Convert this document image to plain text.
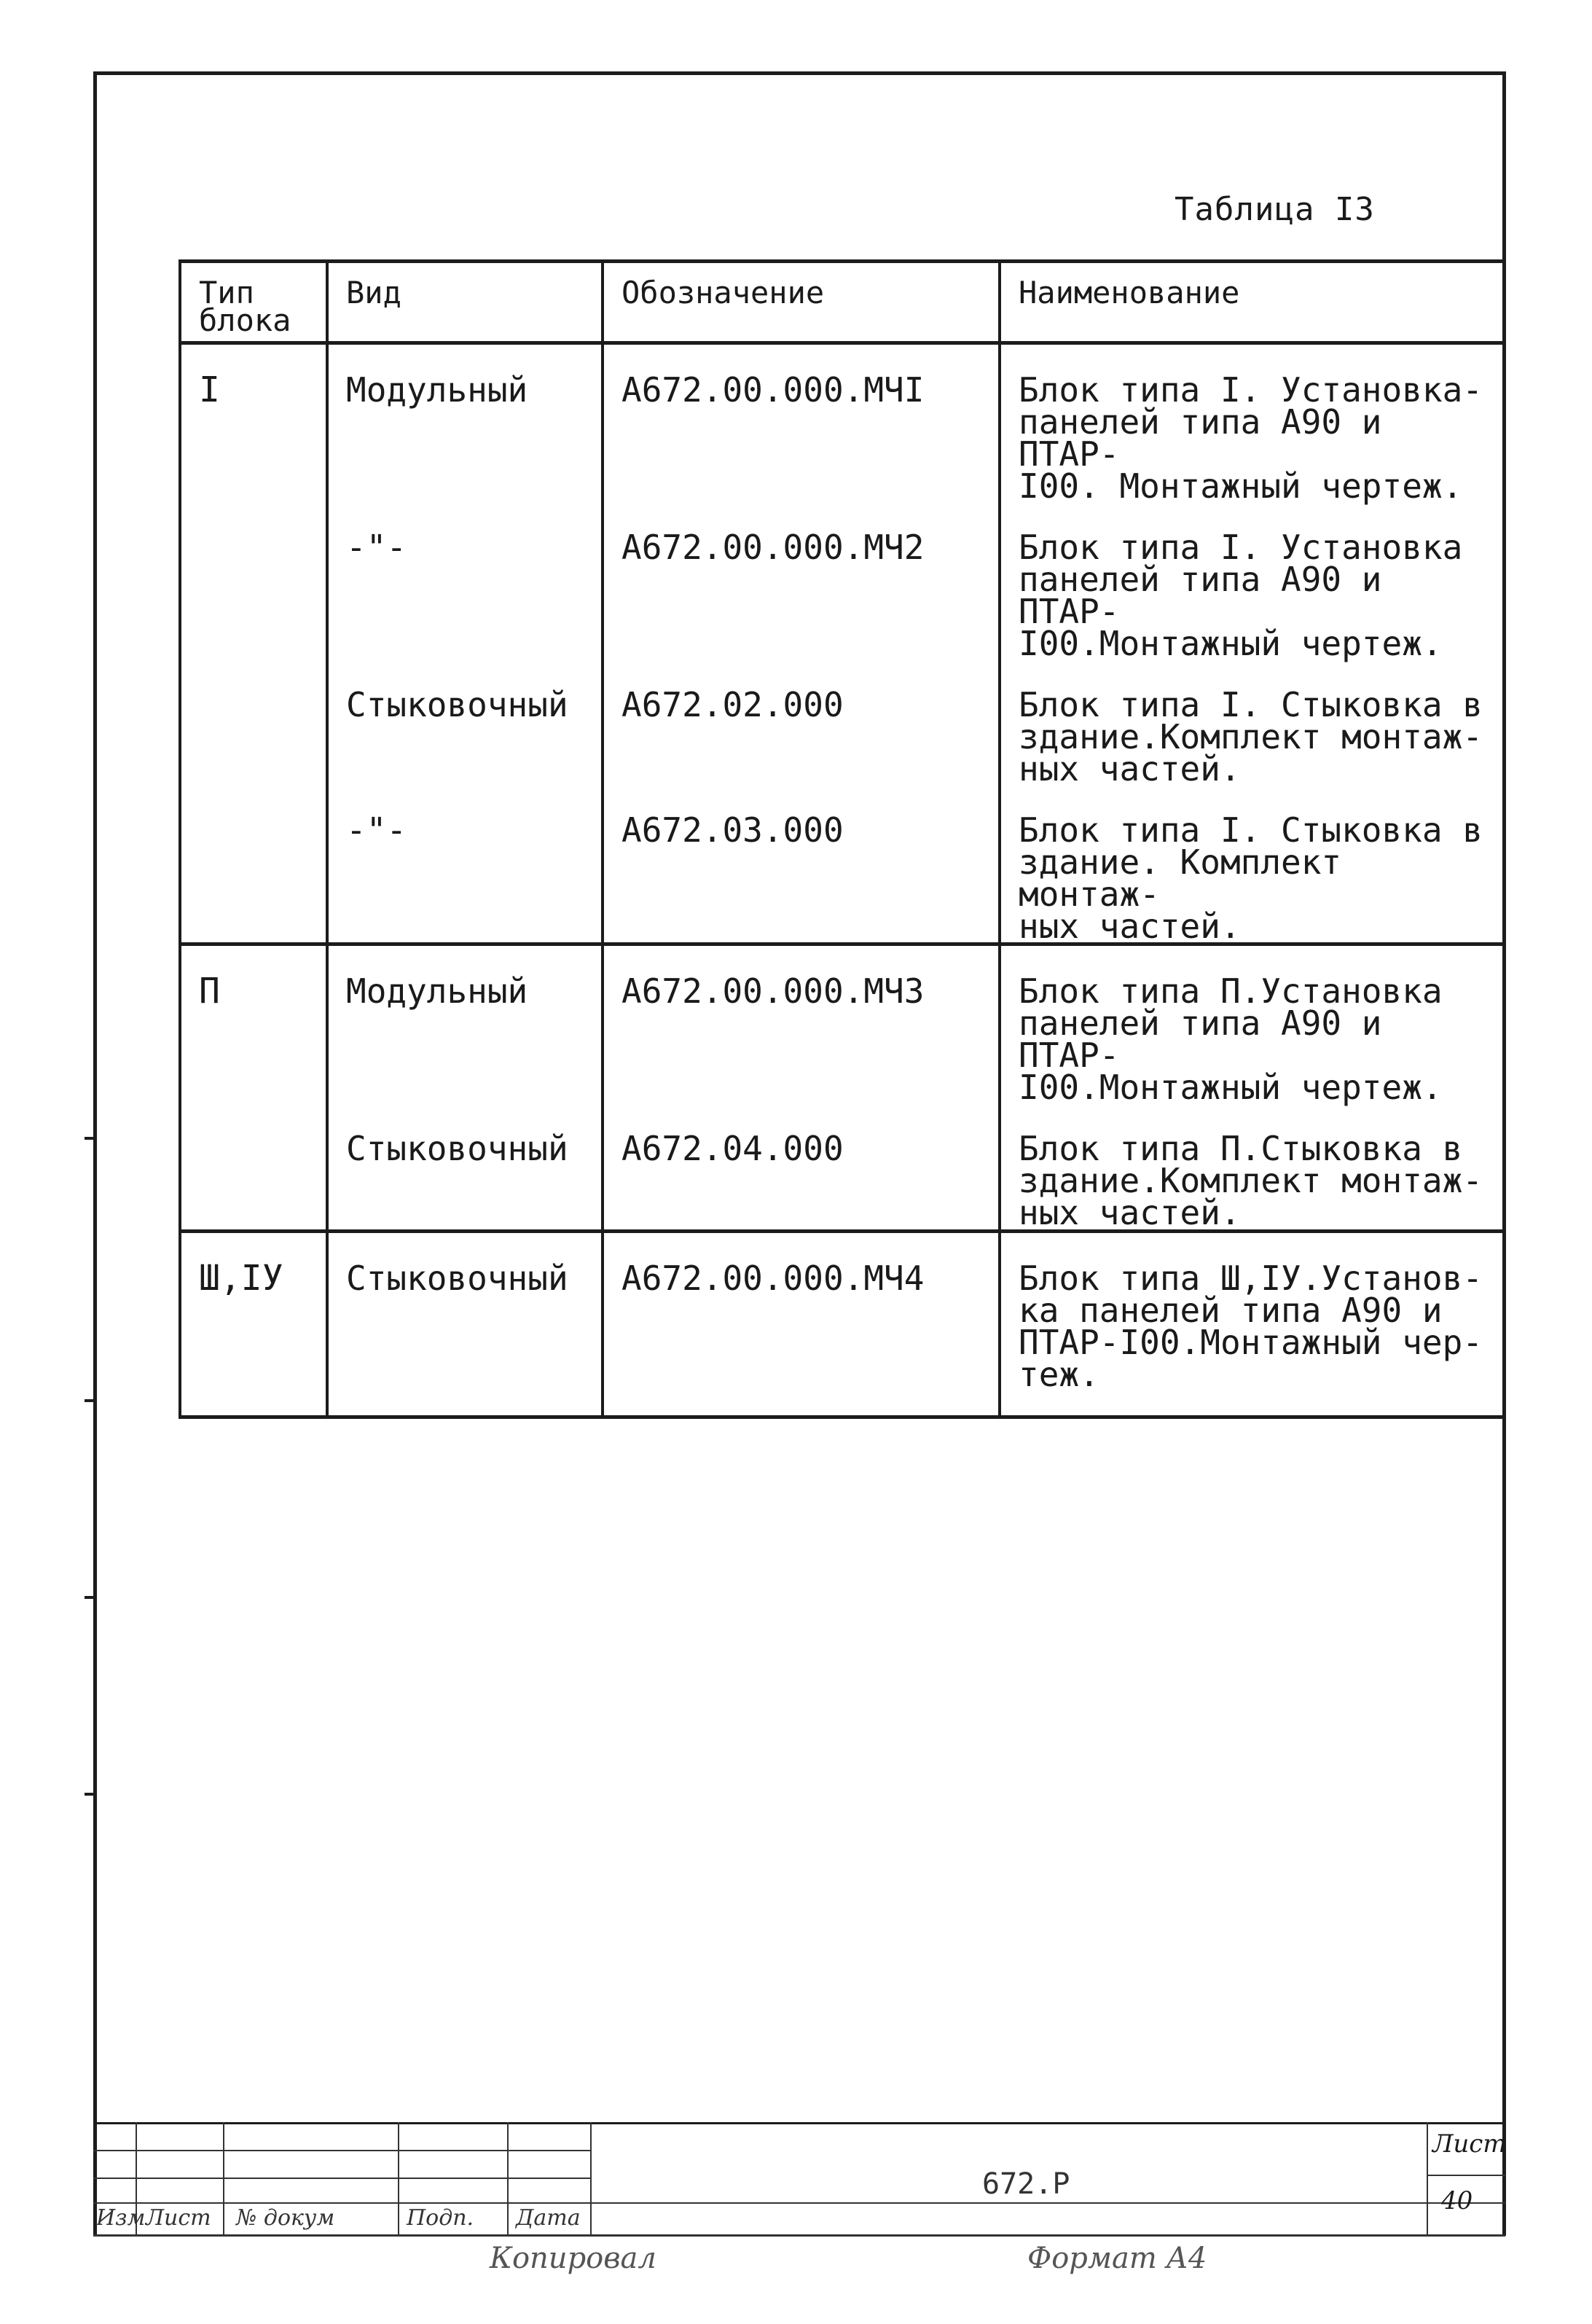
Таблица I3
Тип
блока	Вид	Обозначение	Наименование
I	Модульный	А672.00.000.МЧI	Блок типа I. Установка-
панелей типа А90 и ПТАР-
I00. Монтажный чертеж.
	-"-	А672.00.000.МЧ2	Блок типа I. Установка
панелей типа А90 и ПТАР-
I00.Монтажный чертеж.
	Стыковочный	А672.02.000	Блок типа I. Стыковка в
здание.Комплект монтаж-
ных частей.
	-"-	А672.03.000	Блок типа I. Стыковка в
здание. Комплект монтаж-
ных частей.
П	Модульный	А672.00.000.МЧ3	Блок типа П.Установка
панелей типа А90 и ПТАР-
I00.Монтажный чертеж.
	Стыковочный	А672.04.000	Блок типа П.Стыковка в
здание.Комплект монтаж-
ных частей.
Ш,IУ	Стыковочный	А672.00.000.МЧ4	Блок типа Ш,IУ.Установ-
ка панелей типа А90 и
ПТАР-I00.Монтажный чер-
теж.
Изм Лист № докум	Подп. Дата
672.Р
Лист
40
Копировал	Формат А4
